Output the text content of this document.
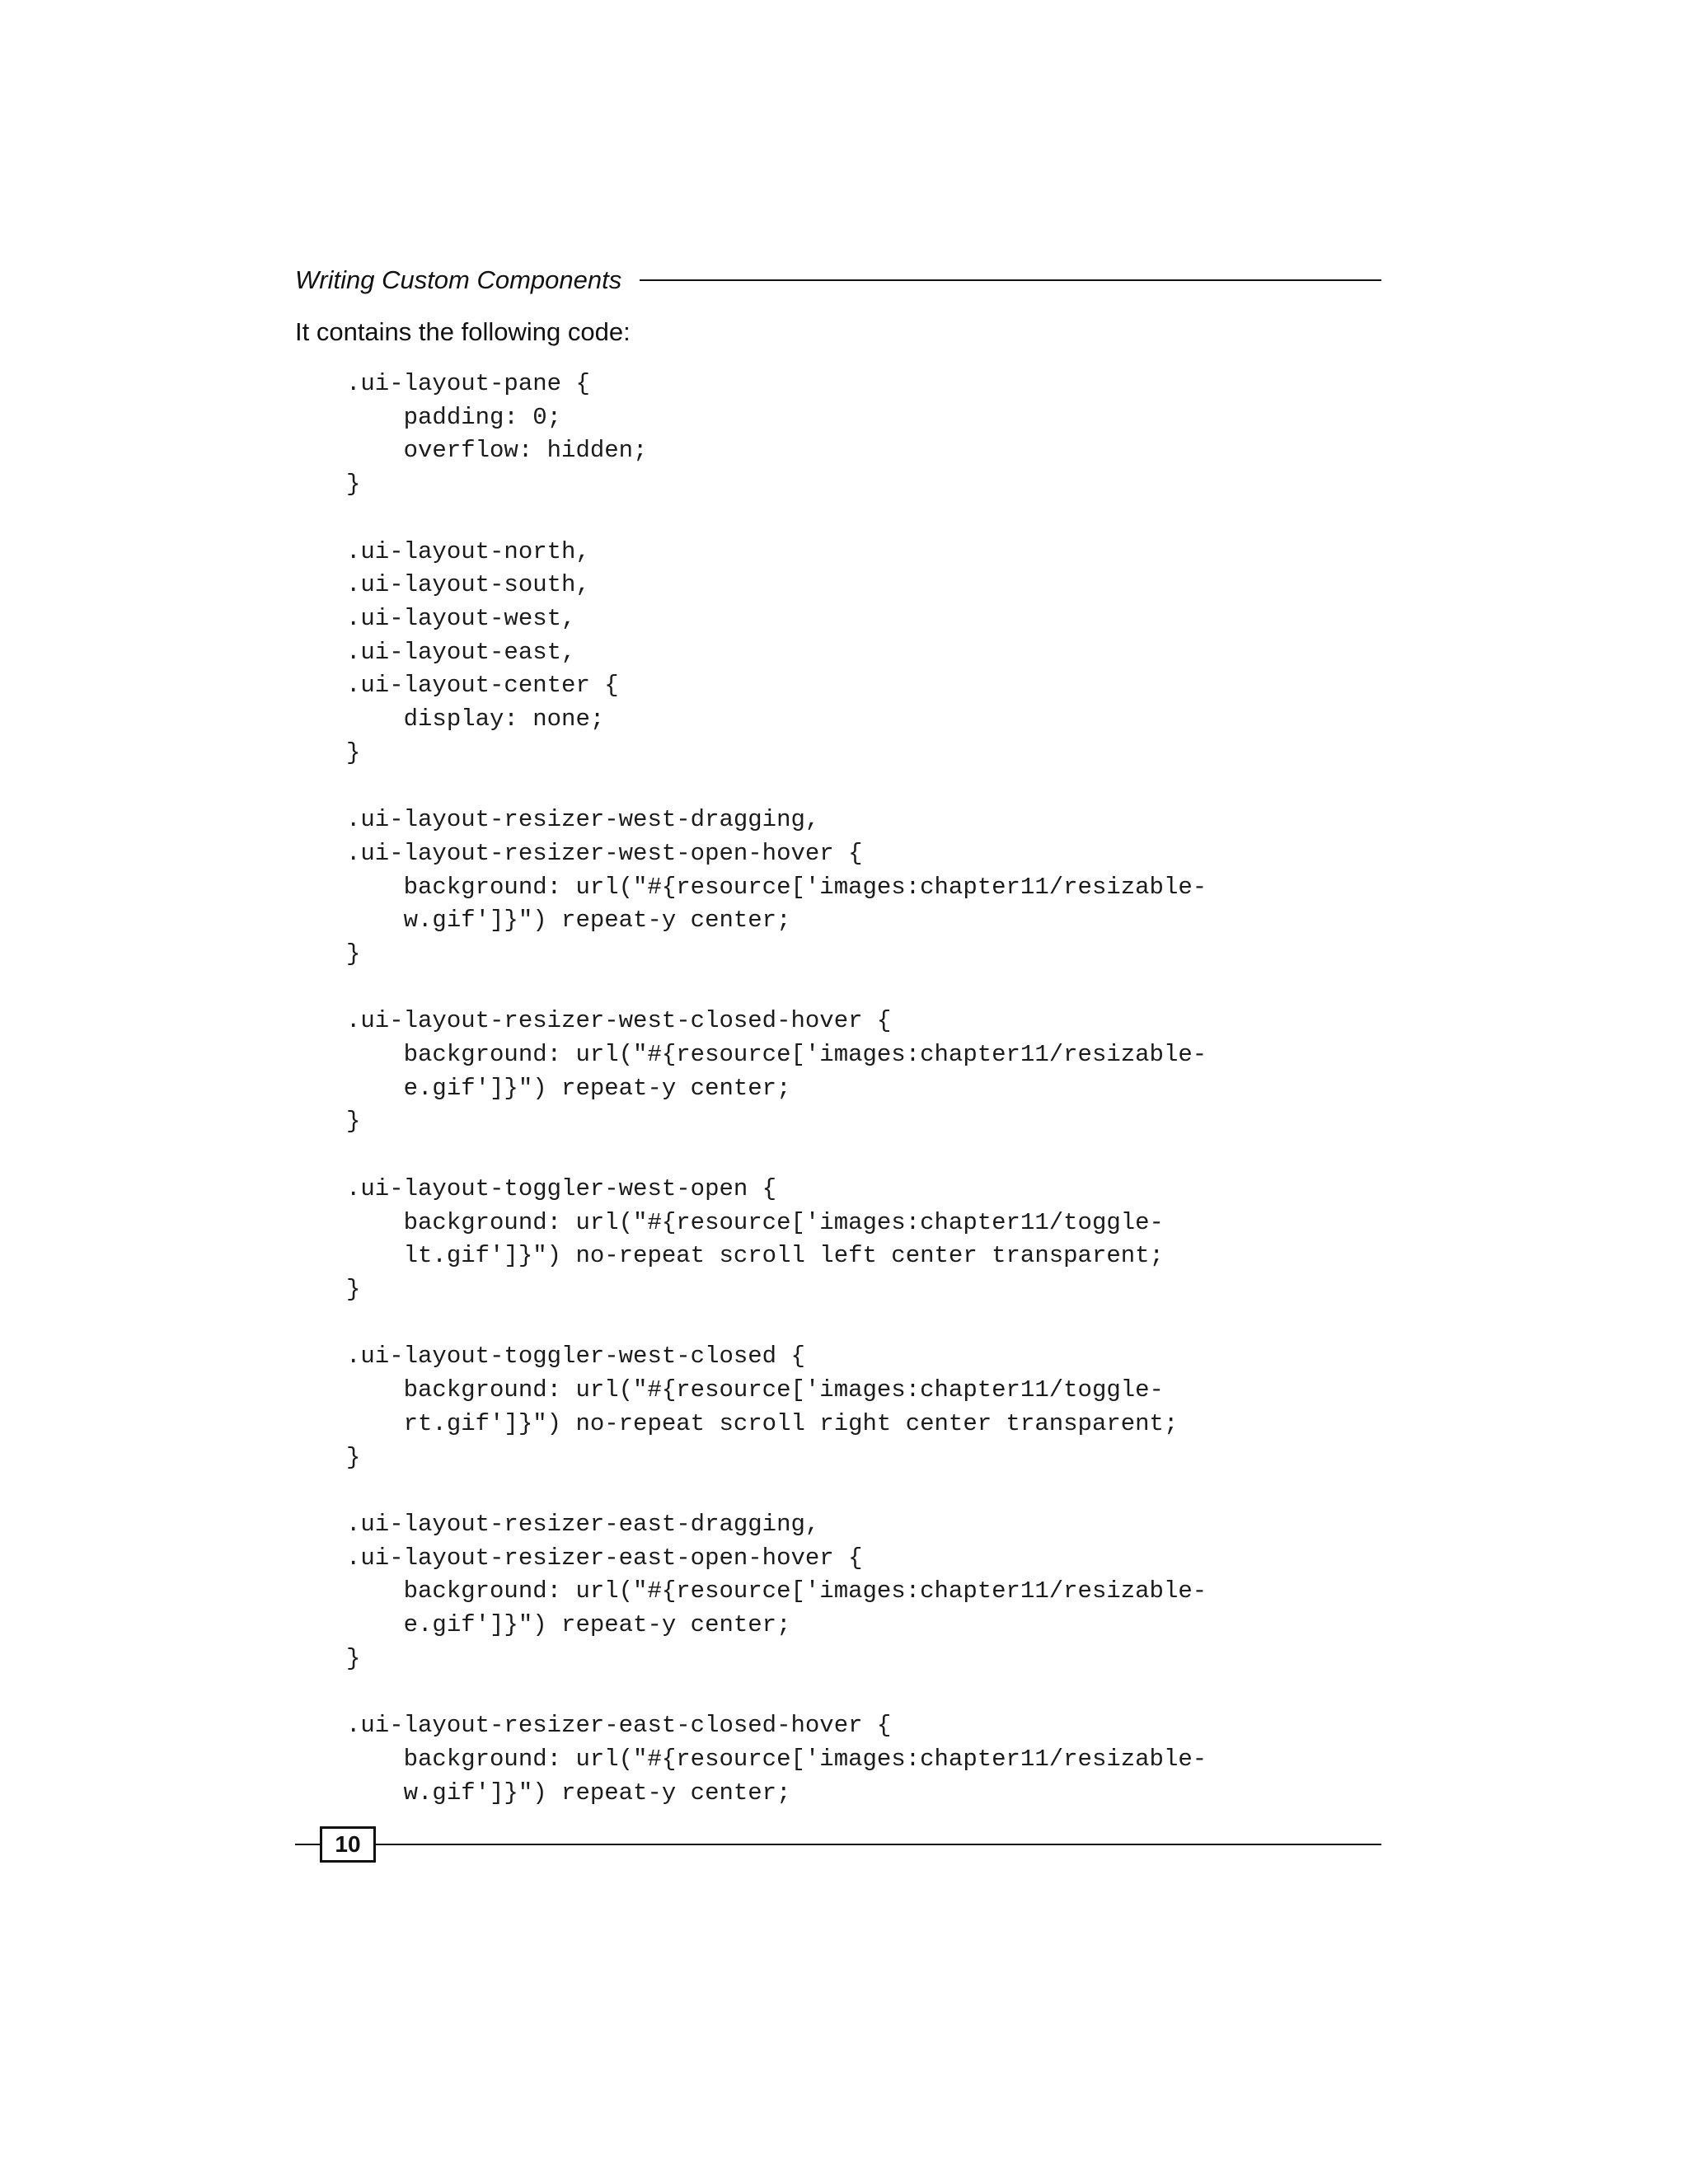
Writing Custom Components
It contains the following code:
.ui-layout-pane {
padding: 0;
overflow: hidden;
}

.ui-layout-north,
.ui-layout-south,
.ui-layout-west,
.ui-layout-east,
.ui-layout-center {
display: none;
}

.ui-layout-resizer-west-dragging,
.ui-layout-resizer-west-open-hover {
background: url("#{resource['images:chapter11/resizable-
w.gif']}") repeat-y center;
}

.ui-layout-resizer-west-closed-hover {
background: url("#{resource['images:chapter11/resizable-
e.gif']}") repeat-y center;
}

.ui-layout-toggler-west-open {
background: url("#{resource['images:chapter11/toggle-
lt.gif']}") no-repeat scroll left center transparent;
}

.ui-layout-toggler-west-closed {
background: url("#{resource['images:chapter11/toggle-
rt.gif']}") no-repeat scroll right center transparent;
}

.ui-layout-resizer-east-dragging,
.ui-layout-resizer-east-open-hover {
background: url("#{resource['images:chapter11/resizable-
e.gif']}") repeat-y center;
}

.ui-layout-resizer-east-closed-hover {
background: url("#{resource['images:chapter11/resizable-
w.gif']}") repeat-y center;
10
